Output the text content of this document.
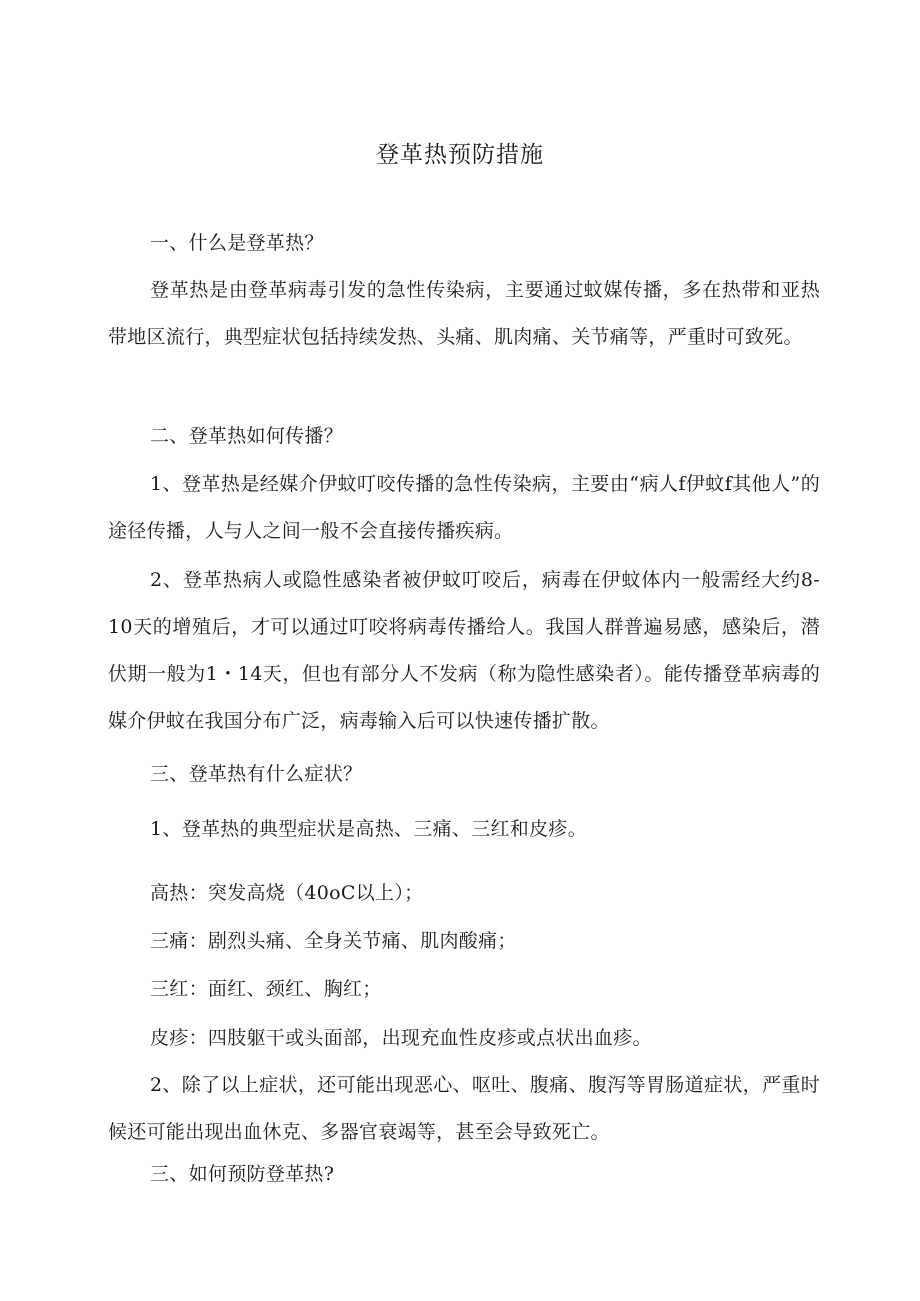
登革热预防措施
一、什么是登革热？
登革热是由登革病毒引发的急性传染病，主要通过蚊媒传播，多在热带和亚热带地区流行，典型症状包括持续发热、头痛、肌肉痛、关节痛等，严重时可致死。
二、登革热如何传播？
1、登革热是经媒介伊蚊叮咬传播的急性传染病，主要由“病人f伊蚊f其他人”的途径传播，人与人之间一般不会直接传播疾病。
2、登革热病人或隐性感染者被伊蚊叮咬后，病毒在伊蚊体内一般需经大约8-10天的增殖后，才可以通过叮咬将病毒传播给人。我国人群普遍易感，感染后，潜伏期一般为1・14天，但也有部分人不发病（称为隐性感染者）。能传播登革病毒的媒介伊蚊在我国分布广泛，病毒输入后可以快速传播扩散。
三、登革热有什么症状？
1、登革热的典型症状是高热、三痛、三红和皮疹。
高热：突发高烧（40oC以上）；
三痛：剧烈头痛、全身关节痛、肌肉酸痛；
三红：面红、颈红、胸红；
皮疹：四肢躯干或头面部，出现充血性皮疹或点状出血疹。
2、除了以上症状，还可能出现恶心、呕吐、腹痛、腹泻等胃肠道症状，严重时候还可能出现出血休克、多器官衰竭等，甚至会导致死亡。
三、如何预防登革热?
